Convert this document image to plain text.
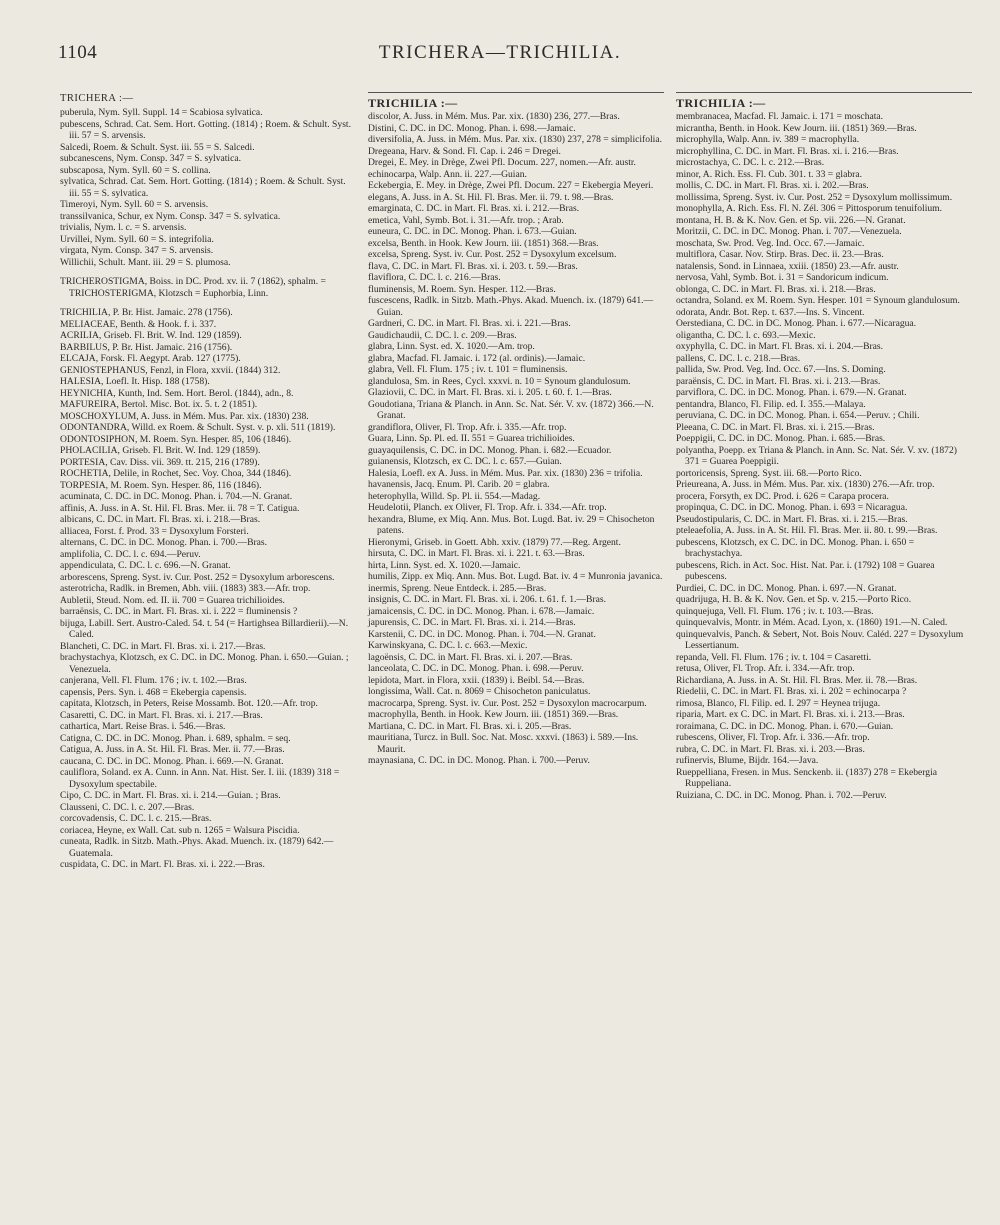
1104	TRICHERA—TRICHILIA.
TRICHERA :—

puberula, Nym. Syll. Suppl. 14 = Scabiosa sylvatica.

pubescens, Schrad. Cat. Sem. Hort. Gotting. (1814) ; Roem. & Schult. Syst. iii. 57 = S. arvensis.

Salcedi, Roem. & Schult. Syst. iii. 55 = S. Salcedi.

subcanescens, Nym. Consp. 347 = S. sylvatica.

subscaposa, Nym. Syll. 60 = S. collina.

sylvatica, Schrad. Cat. Sem. Hort. Gotting. (1814) ; Roem. & Schult. Syst. iii. 55 = S. sylvatica.

Timeroyi, Nym. Syll. 60 = S. arvensis.

transsilvanica, Schur, ex Nym. Consp. 347 = S. sylvatica.

trivialis, Nym. l. c. = S. arvensis.

Urvillei, Nym. Syll. 60 = S. integrifolia.

virgata, Nym. Consp. 347 = S. arvensis.

Willichii, Schult. Mant. iii. 29 = S. plumosa.

TRICHEROSTIGMA, Boiss. in DC. Prod. xv. ii. 7 (1862), sphalm. = TRICHOSTERIGMA, Klotzsch = Euphorbia, Linn.

TRICHILIA, P. Br. Hist. Jamaic. 278 (1756).

MELIACEAE, Benth. & Hook. f. i. 337.

ACRILIA, Griseb. Fl. Brit. W. Ind. 129 (1859).

BARBILUS, P. Br. Hist. Jamaic. 216 (1756).

ELCAJA, Forsk. Fl. Aegypt. Arab. 127 (1775).

GENIOSTEPHANUS, Fenzl, in Flora, xxvii. (1844) 312.

HALESIA, Loefl. It. Hisp. 188 (1758).

HEYNICHIA, Kunth, Ind. Sem. Hort. Berol. (1844), adn., 8.

MAFUREIRA, Bertol. Misc. Bot. ix. 5. t. 2 (1851).

MOSCHOXYLUM, A. Juss. in Mém. Mus. Par. xix. (1830) 238.

ODONTANDRA, Willd. ex Roem. & Schult. Syst. v. p. xli. 511 (1819).

ODONTOSIPHON, M. Roem. Syn. Hesper. 85, 106 (1846).

PHOLACILIA, Griseb. Fl. Brit. W. Ind. 129 (1859).

PORTESIA, Cav. Diss. vii. 369. tt. 215, 216 (1789).

ROCHETIA, Delile, in Rochet, Sec. Voy. Choa, 344 (1846).

TORPESIA, M. Roem. Syn. Hesper. 86, 116 (1846).

acuminata, C. DC. in DC. Monog. Phan. i. 704.—N. Granat.

affinis, A. Juss. in A. St. Hil. Fl. Bras. Mer. ii. 78 = T. Catigua.

albicans, C. DC. in Mart. Fl. Bras. xi. i. 218.—Bras.

alliacea, Forst. f. Prod. 33 = Dysoxylum Forsteri.

alternans, C. DC. in DC. Monog. Phan. i. 700.—Bras.

amplifolia, C. DC. l. c. 694.—Peruv.

appendiculata, C. DC. l. c. 696.—N. Granat.

arborescens, Spreng. Syst. iv. Cur. Post. 252 = Dysoxylum arborescens.

asterotricha, Radlk. in Bremen, Abh. viii. (1883) 383.—Afr. trop.

Aubletii, Steud. Nom. ed. II. ii. 700 = Guarea trichilioides.

barraënsis, C. DC. in Mart. Fl. Bras. xi. i. 222 = fluminensis ?

bijuga, Labill. Sert. Austro-Caled. 54. t. 54 (= Hartighsea Billardierii).—N. Caled.

Blancheti, C. DC. in Mart. Fl. Bras. xi. i. 217.—Bras.

brachystachya, Klotzsch, ex C. DC. in DC. Monog. Phan. i. 650.—Guian. ; Venezuela.

canjerana, Vell. Fl. Flum. 176 ; iv. t. 102.—Bras.

capensis, Pers. Syn. i. 468 = Ekebergia capensis.

capitata, Klotzsch, in Peters, Reise Mossamb. Bot. 120.—Afr. trop.

Casaretti, C. DC. in Mart. Fl. Bras. xi. i. 217.—Bras.

cathartica, Mart. Reise Bras. i. 546.—Bras.

Catigna, C. DC. in DC. Monog. Phan. i. 689, sphalm. = seq.

Catigua, A. Juss. in A. St. Hil. Fl. Bras. Mer. ii. 77.—Bras.

caucana, C. DC. in DC. Monog. Phan. i. 669.—N. Granat.

cauliflora, Soland. ex A. Cunn. in Ann. Nat. Hist. Ser. I. iii. (1839) 318 = Dysoxylum spectabile.

Cipo, C. DC. in Mart. Fl. Bras. xi. i. 214.—Guian. ; Bras.

Clausseni, C. DC. l. c. 207.—Bras.

corcovadensis, C. DC. l. c. 215.—Bras.

coriacea, Heyne, ex Wall. Cat. sub n. 1265 = Walsura Piscidia.

cuneata, Radlk. in Sitzb. Math.-Phys. Akad. Muench. ix. (1879) 642.—Guatemala.

cuspidata, C. DC. in Mart. Fl. Bras. xi. i. 222.—Bras.

TRICHILIA :—

discolor, A. Juss. in Mém. Mus. Par. xix. (1830) 236, 277.—Bras.

Distini, C. DC. in DC. Monog. Phan. i. 698.—Jamaic.

diversifolia, A. Juss. in Mém. Mus. Par. xix. (1830) 237, 278 = simplicifolia.

Dregeana, Harv. & Sond. Fl. Cap. i. 246 = Dregei.

Dregei, E. Mey. in Drège, Zwei Pfl. Docum. 227, nomen.—Afr. austr.

echinocarpa, Walp. Ann. ii. 227.—Guian.

Eckebergia, E. Mey. in Drège, Zwei Pfl. Docum. 227 = Ekebergia Meyeri.

elegans, A. Juss. in A. St. Hil. Fl. Bras. Mer. ii. 79. t. 98.—Bras.

emarginata, C. DC. in Mart. Fl. Bras. xi. i. 212.—Bras.

emetica, Vahl, Symb. Bot. i. 31.—Afr. trop. ; Arab.

euneura, C. DC. in DC. Monog. Phan. i. 673.—Guian.

excelsa, Benth. in Hook. Kew Journ. iii. (1851) 368.—Bras.

excelsa, Spreng. Syst. iv. Cur. Post. 252 = Dysoxylum excelsum.

flava, C. DC. in Mart. Fl. Bras. xi. i. 203. t. 59.—Bras.

flaviflora, C. DC. l. c. 216.—Bras.

fluminensis, M. Roem. Syn. Hesper. 112.—Bras.

fuscescens, Radlk. in Sitzb. Math.-Phys. Akad. Muench. ix. (1879) 641.—Guian.

Gardneri, C. DC. in Mart. Fl. Bras. xi. i. 221.—Bras.

Gaudichaudii, C. DC. l. c. 209.—Bras.

glabra, Linn. Syst. ed. X. 1020.—Am. trop.

glabra, Macfad. Fl. Jamaic. i. 172 (al. ordinis).—Jamaic.

glabra, Vell. Fl. Flum. 175 ; iv. t. 101 = fluminensis.

glandulosa, Sm. in Rees, Cycl. xxxvi. n. 10 = Synoum glandulosum.

Glaziovii, C. DC. in Mart. Fl. Bras. xi. i. 205. t. 60. f. 1.—Bras.

Goudotiana, Triana & Planch. in Ann. Sc. Nat. Sér. V. xv. (1872) 366.—N. Granat.

grandiflora, Oliver, Fl. Trop. Afr. i. 335.—Afr. trop.

Guara, Linn. Sp. Pl. ed. II. 551 = Guarea trichilioides.

guayaquilensis, C. DC. in DC. Monog. Phan. i. 682.—Ecuador.

guianensis, Klotzsch, ex C. DC. l. c. 657.—Guian.

Halesia, Loefl. ex A. Juss. in Mém. Mus. Par. xix. (1830) 236 = trifolia.

havanensis, Jacq. Enum. Pl. Carib. 20 = glabra.

heterophylla, Willd. Sp. Pl. ii. 554.—Madag.

Heudelotii, Planch. ex Oliver, Fl. Trop. Afr. i. 334.—Afr. trop.

hexandra, Blume, ex Miq. Ann. Mus. Bot. Lugd. Bat. iv. 29 = Chisocheton patens.

Hieronymi, Griseb. in Goett. Abh. xxiv. (1879) 77.—Reg. Argent.

hirsuta, C. DC. in Mart. Fl. Bras. xi. i. 221. t. 63.—Bras.

hirta, Linn. Syst. ed. X. 1020.—Jamaic.

humilis, Zipp. ex Miq. Ann. Mus. Bot. Lugd. Bat. iv. 4 = Munronia javanica.

inermis, Spreng. Neue Entdeck. i. 285.—Bras.

insignis, C. DC. in Mart. Fl. Bras. xi. i. 206. t. 61. f. 1.—Bras.

jamaicensis, C. DC. in DC. Monog. Phan. i. 678.—Jamaic.

japurensis, C. DC. in Mart. Fl. Bras. xi. i. 214.—Bras.

Karstenii, C. DC. in DC. Monog. Phan. i. 704.—N. Granat.

Karwinskyana, C. DC. l. c. 663.—Mexic.

lagoënsis, C. DC. in Mart. Fl. Bras. xi. i. 207.—Bras.

lanceolata, C. DC. in DC. Monog. Phan. i. 698.—Peruv.

lepidota, Mart. in Flora, xxii. (1839) i. Beibl. 54.—Bras.

longissima, Wall. Cat. n. 8069 = Chisocheton paniculatus.

macrocarpa, Spreng. Syst. iv. Cur. Post. 252 = Dysoxylon macrocarpum.

macrophylla, Benth. in Hook. Kew Journ. iii. (1851) 369.—Bras.

Martiana, C. DC. in Mart. Fl. Bras. xi. i. 205.—Bras.

mauritiana, Turcz. in Bull. Soc. Nat. Mosc. xxxvi. (1863) i. 589.—Ins. Maurit.

maynasiana, C. DC. in DC. Monog. Phan. i. 700.—Peruv.

TRICHILIA :—

membranacea, Macfad. Fl. Jamaic. i. 171 = moschata.

micrantha, Benth. in Hook. Kew Journ. iii. (1851) 369.—Bras.

microphylla, Walp. Ann. iv. 389 = macrophylla.

microphyllina, C. DC. in Mart. Fl. Bras. xi. i. 216.—Bras.

microstachya, C. DC. l. c. 212.—Bras.

minor, A. Rich. Ess. Fl. Cub. 301. t. 33 = glabra.

mollis, C. DC. in Mart. Fl. Bras. xi. i. 202.—Bras.

mollissima, Spreng. Syst. iv. Cur. Post. 252 = Dysoxylum mollissimum.

monophylla, A. Rich. Ess. Fl. N. Zél. 306 = Pittosporum tenuifolium.

montana, H. B. & K. Nov. Gen. et Sp. vii. 226.—N. Granat.

Moritzii, C. DC. in DC. Monog. Phan. i. 707.—Venezuela.

moschata, Sw. Prod. Veg. Ind. Occ. 67.—Jamaic.

multiflora, Casar. Nov. Stirp. Bras. Dec. ii. 23.—Bras.

natalensis, Sond. in Linnaea, xxiii. (1850) 23.—Afr. austr.

nervosa, Vahl, Symb. Bot. i. 31 = Sandoricum indicum.

oblonga, C. DC. in Mart. Fl. Bras. xi. i. 218.—Bras.

octandra, Soland. ex M. Roem. Syn. Hesper. 101 = Synoum glandulosum.

odorata, Andr. Bot. Rep. t. 637.—Ins. S. Vincent.

Oerstediana, C. DC. in DC. Monog. Phan. i. 677.—Nicaragua.

oligantha, C. DC. l. c. 693.—Mexic.

oxyphylla, C. DC. in Mart. Fl. Bras. xi. i. 204.—Bras.

pallens, C. DC. l. c. 218.—Bras.

pallida, Sw. Prod. Veg. Ind. Occ. 67.—Ins. S. Doming.

paraënsis, C. DC. in Mart. Fl. Bras. xi. i. 213.—Bras.

parviflora, C. DC. in DC. Monog. Phan. i. 679.—N. Granat.

pentandra, Blanco, Fl. Filip. ed. I. 355.—Malaya.

peruviana, C. DC. in DC. Monog. Phan. i. 654.—Peruv. ; Chili.

Pleeana, C. DC. in Mart. Fl. Bras. xi. i. 215.—Bras.

Poeppigii, C. DC. in DC. Monog. Phan. i. 685.—Bras.

polyantha, Poepp. ex Triana & Planch. in Ann. Sc. Nat. Sér. V. xv. (1872) 371 = Guarea Poeppigii.

portoricensis, Spreng. Syst. iii. 68.—Porto Rico.

Prieureana, A. Juss. in Mém. Mus. Par. xix. (1830) 276.—Afr. trop.

procera, Forsyth, ex DC. Prod. i. 626 = Carapa procera.

propinqua, C. DC. in DC. Monog. Phan. i. 693 = Nicaragua.

Pseudostipularis, C. DC. in Mart. Fl. Bras. xi. i. 215.—Bras.

pteleaefolia, A. Juss. in A. St. Hil. Fl. Bras. Mer. ii. 80. t. 99.—Bras.

pubescens, Klotzsch, ex C. DC. in DC. Monog. Phan. i. 650 = brachystachya.

pubescens, Rich. in Act. Soc. Hist. Nat. Par. i. (1792) 108 = Guarea pubescens.

Purdiei, C. DC. in DC. Monog. Phan. i. 697.—N. Granat.

quadrijuga, H. B. & K. Nov. Gen. et Sp. v. 215.—Porto Rico.

quinquejuga, Vell. Fl. Flum. 176 ; iv. t. 103.—Bras.

quinquevalvis, Montr. in Mém. Acad. Lyon, x. (1860) 191.—N. Caled.

quinquevalvis, Panch. & Sebert, Not. Bois Nouv. Caléd. 227 = Dysoxylum Lessertianum.

repanda, Vell. Fl. Flum. 176 ; iv. t. 104 = Casaretti.

retusa, Oliver, Fl. Trop. Afr. i. 334.—Afr. trop.

Richardiana, A. Juss. in A. St. Hil. Fl. Bras. Mer. ii. 78.—Bras.

Riedelii, C. DC. in Mart. Fl. Bras. xi. i. 202 = echinocarpa ?

rimosa, Blanco, Fl. Filip. ed. I. 297 = Heynea trijuga.

riparia, Mart. ex C. DC. in Mart. Fl. Bras. xi. i. 213.—Bras.

roraimana, C. DC. in DC. Monog. Phan. i. 670.—Guian.

rubescens, Oliver, Fl. Trop. Afr. i. 336.—Afr. trop.

rubra, C. DC. in Mart. Fl. Bras. xi. i. 203.—Bras.

rufinervis, Blume, Bijdr. 164.—Java.

Rueppelliana, Fresen. in Mus. Senckenb. ii. (1837) 278 = Ekebergia Ruppeliana.

Ruiziana, C. DC. in DC. Monog. Phan. i. 702.—Peruv.
